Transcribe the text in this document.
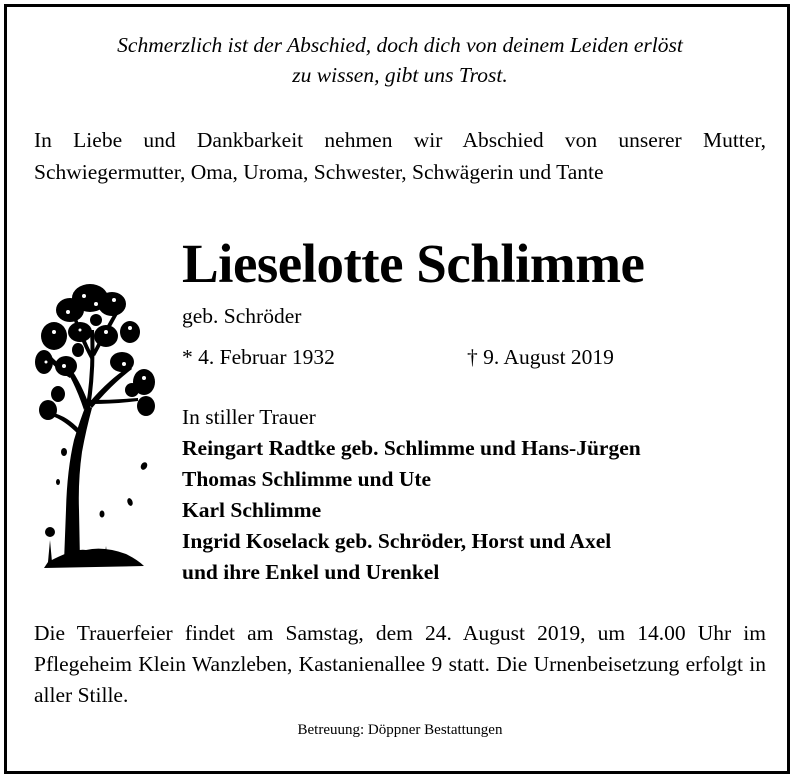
Schmerzlich ist der Abschied, doch dich von deinem Leiden erlöst
zu wissen, gibt uns Trost.
In Liebe und Dankbarkeit nehmen wir Abschied von unserer Mutter, Schwiegermutter, Oma, Uroma, Schwester, Schwägerin und Tante
Lieselotte Schlimme
geb. Schröder
* 4. Februar 1932	† 9. August 2019
In stiller Trauer
Reingart Radtke geb. Schlimme und Hans-Jürgen
Thomas Schlimme und Ute
Karl Schlimme
Ingrid Koselack geb. Schröder, Horst und Axel
und ihre Enkel und Urenkel
Die Trauerfeier findet am Samstag, dem 24. August 2019, um 14.00 Uhr im Pflegeheim Klein Wanzleben, Kastanienallee 9 statt. Die Urnenbeisetzung erfolgt in aller Stille.
Betreuung: Döppner Bestattungen
